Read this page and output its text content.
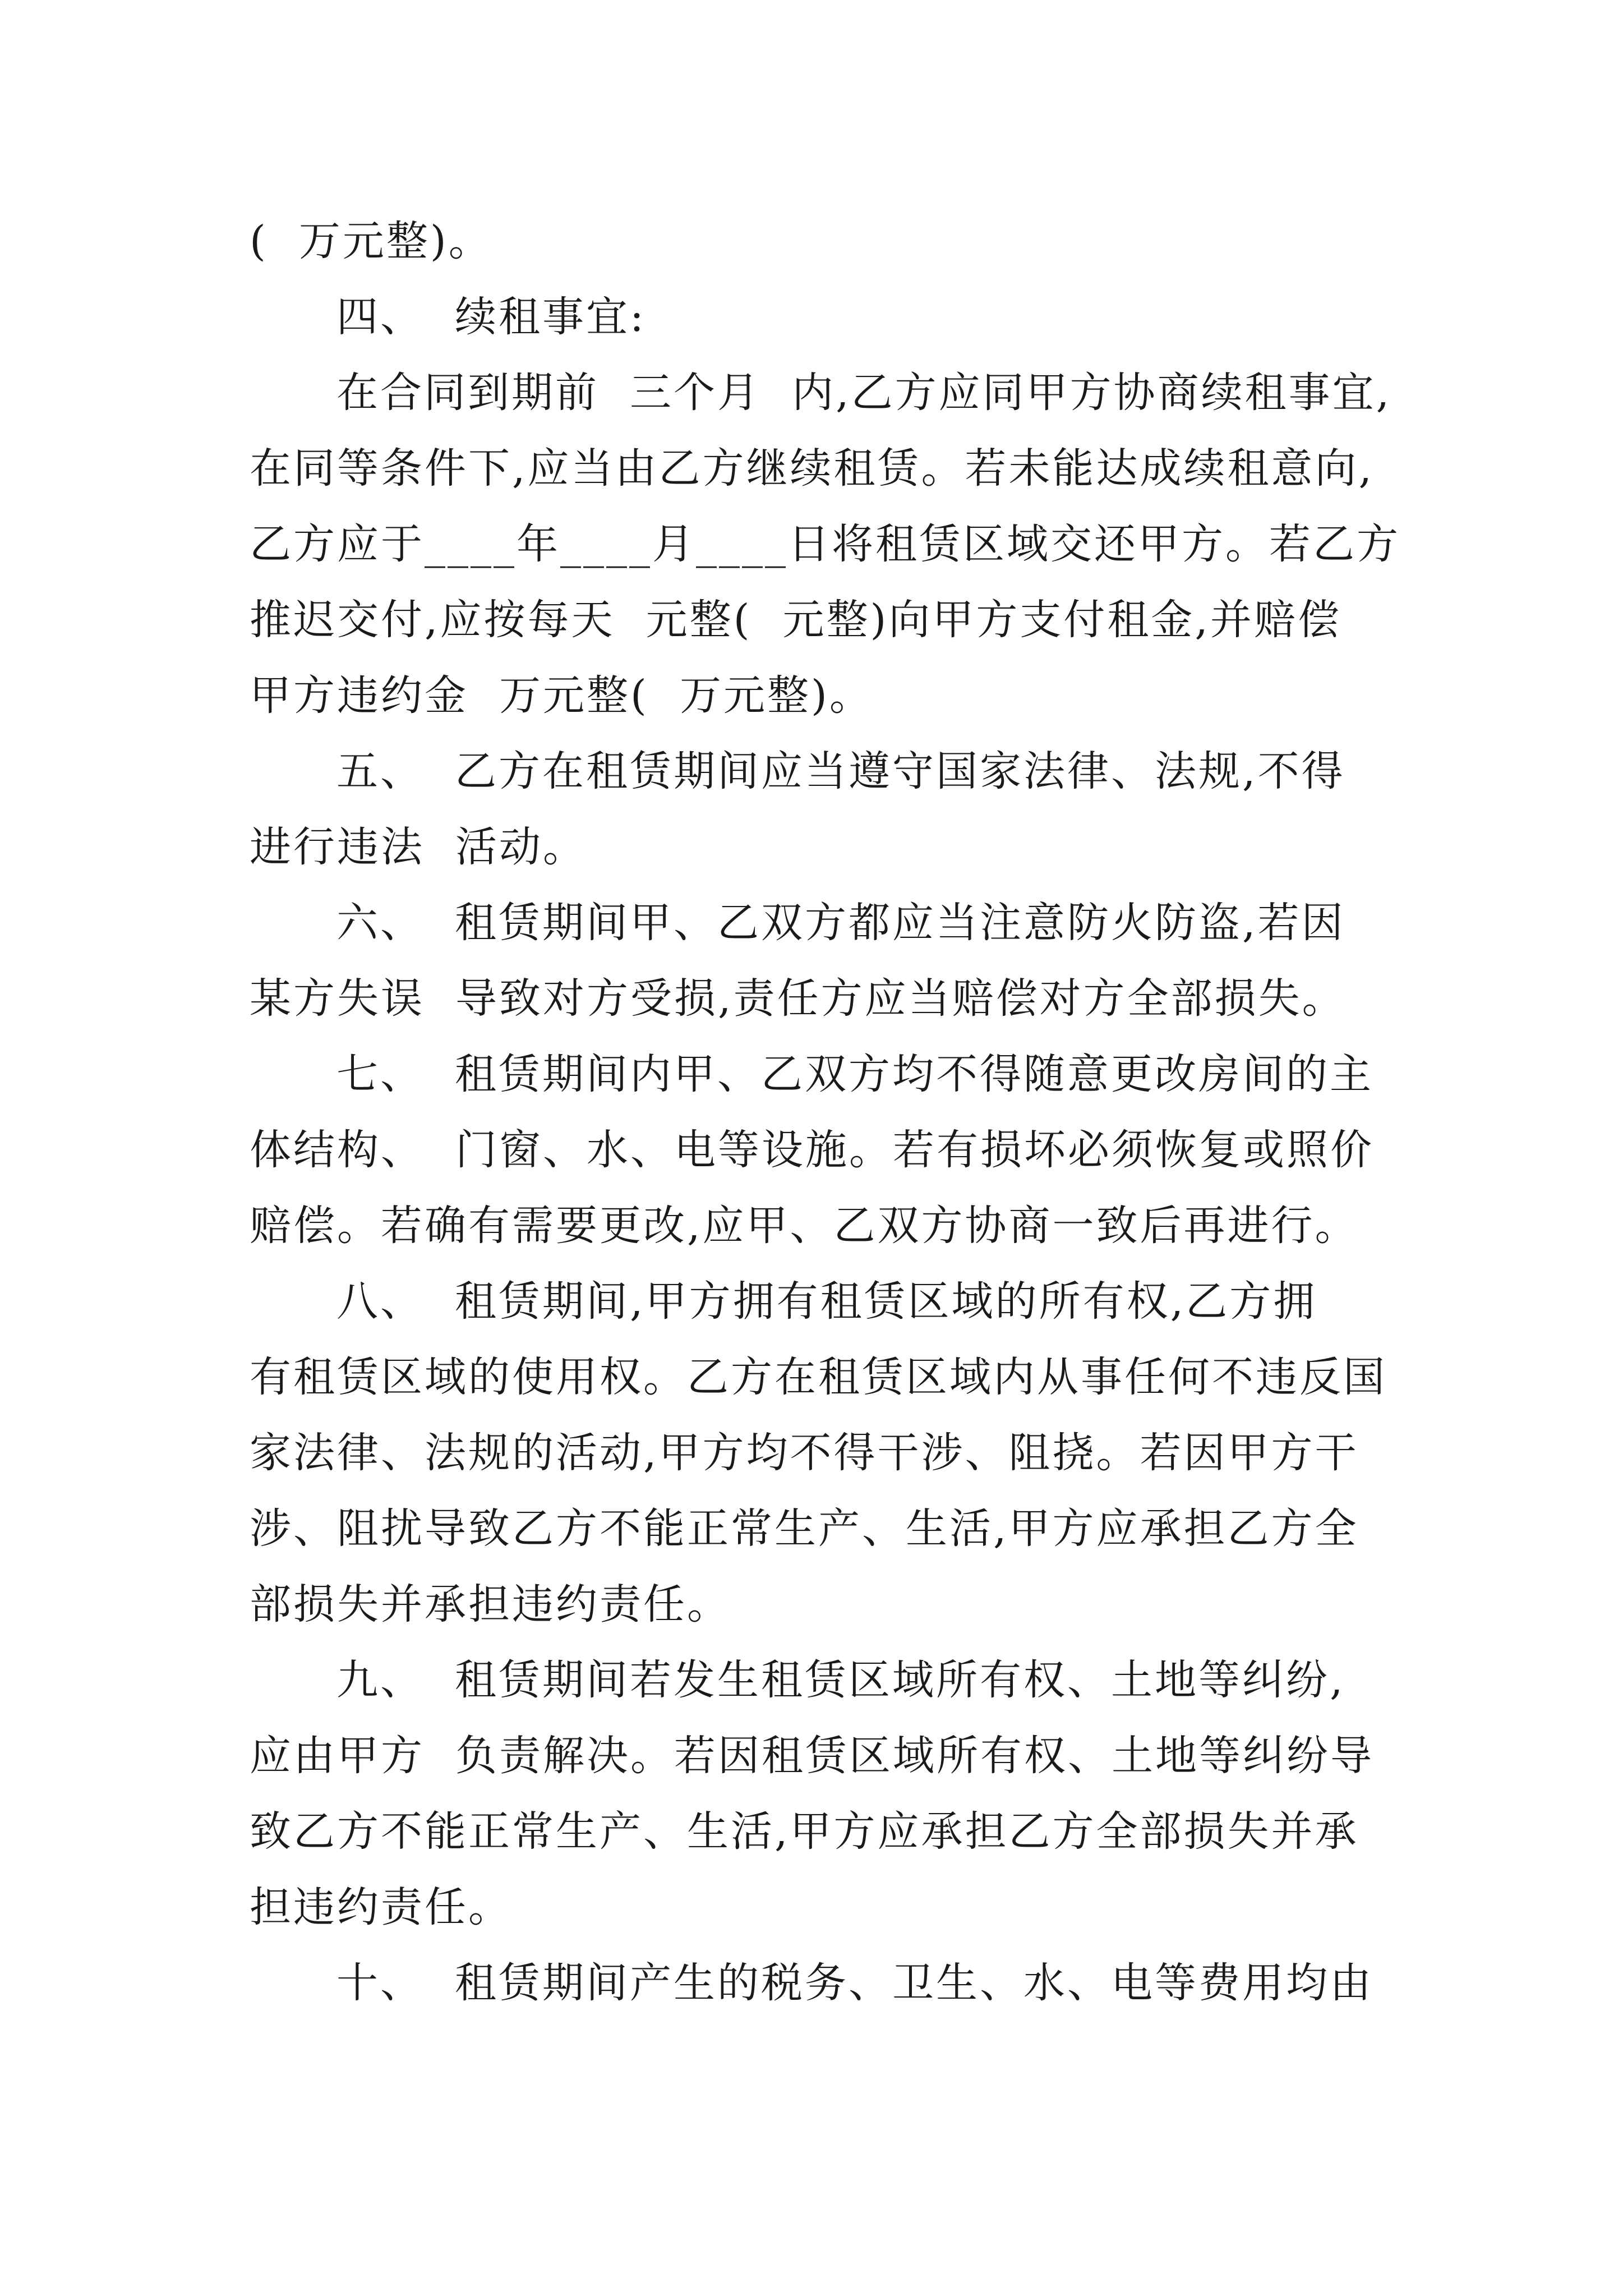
(  万元整)。
四、  续租事宜:
在合同到期前  三个月  内,乙方应同甲方协商续租事宜,
在同等条件下,应当由乙方继续租赁。若未能达成续租意向,
乙方应于____年____月____日将租赁区域交还甲方。若乙方
推迟交付,应按每天  元整(  元整)向甲方支付租金,并赔偿
甲方违约金  万元整(  万元整)。
五、  乙方在租赁期间应当遵守国家法律、法规,不得
进行违法  活动。
六、  租赁期间甲、乙双方都应当注意防火防盗,若因
某方失误  导致对方受损,责任方应当赔偿对方全部损失。
七、  租赁期间内甲、乙双方均不得随意更改房间的主
体结构、  门窗、水、电等设施。若有损坏必须恢复或照价
赔偿。若确有需要更改,应甲、乙双方协商一致后再进行。
八、  租赁期间,甲方拥有租赁区域的所有权,乙方拥
有租赁区域的使用权。乙方在租赁区域内从事任何不违反国
家法律、法规的活动,甲方均不得干涉、阻挠。若因甲方干
涉、阻扰导致乙方不能正常生产、生活,甲方应承担乙方全
部损失并承担违约责任。
九、  租赁期间若发生租赁区域所有权、土地等纠纷,
应由甲方  负责解决。若因租赁区域所有权、土地等纠纷导
致乙方不能正常生产、生活,甲方应承担乙方全部损失并承
担违约责任。
十、  租赁期间产生的税务、卫生、水、电等费用均由
